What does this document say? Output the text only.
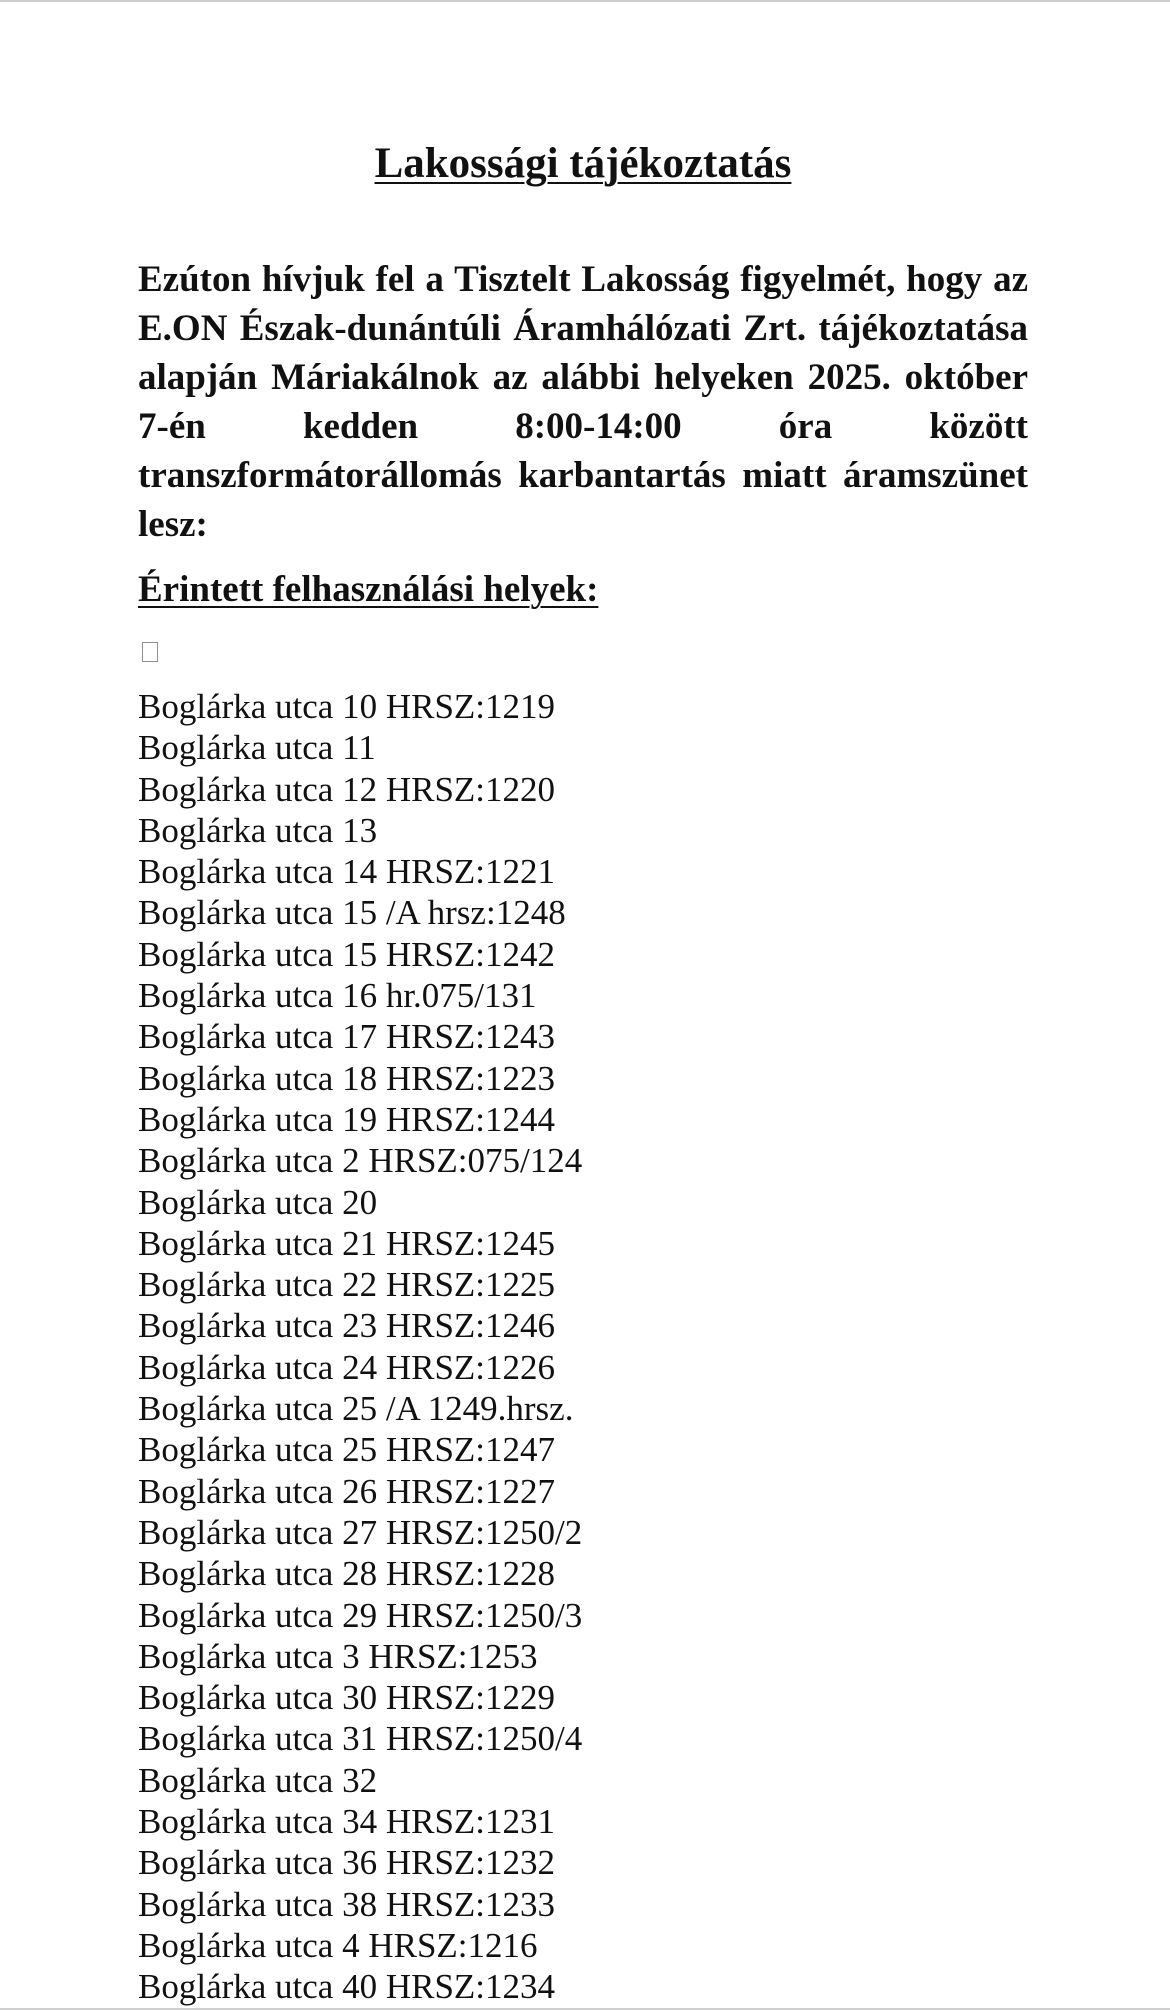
Lakossági tájékoztatás

Ezúton hívjuk fel a Tisztelt Lakosság figyelmét, hogy az E.ON Észak-dunántúli Áramhálózati Zrt. tájékoztatása alapján Máriakálnok az alábbi helyeken 2025. október 7-én kedden 8:00-14:00 óra között transzformátorállomás karbantartás miatt áramszünet lesz:

Érintett felhasználási helyek:
Boglárka utca 10 HRSZ:1219
Boglárka utca 11
Boglárka utca 12 HRSZ:1220
Boglárka utca 13
Boglárka utca 14 HRSZ:1221
Boglárka utca 15 /A hrsz:1248
Boglárka utca 15 HRSZ:1242
Boglárka utca 16 hr.075/131
Boglárka utca 17 HRSZ:1243
Boglárka utca 18 HRSZ:1223
Boglárka utca 19 HRSZ:1244
Boglárka utca 2 HRSZ:075/124
Boglárka utca 20
Boglárka utca 21 HRSZ:1245
Boglárka utca 22 HRSZ:1225
Boglárka utca 23 HRSZ:1246
Boglárka utca 24 HRSZ:1226
Boglárka utca 25 /A 1249.hrsz.
Boglárka utca 25 HRSZ:1247
Boglárka utca 26 HRSZ:1227
Boglárka utca 27 HRSZ:1250/2
Boglárka utca 28 HRSZ:1228
Boglárka utca 29 HRSZ:1250/3
Boglárka utca 3 HRSZ:1253
Boglárka utca 30 HRSZ:1229
Boglárka utca 31 HRSZ:1250/4
Boglárka utca 32
Boglárka utca 34 HRSZ:1231
Boglárka utca 36 HRSZ:1232
Boglárka utca 38 HRSZ:1233
Boglárka utca 4 HRSZ:1216
Boglárka utca 40 HRSZ:1234
